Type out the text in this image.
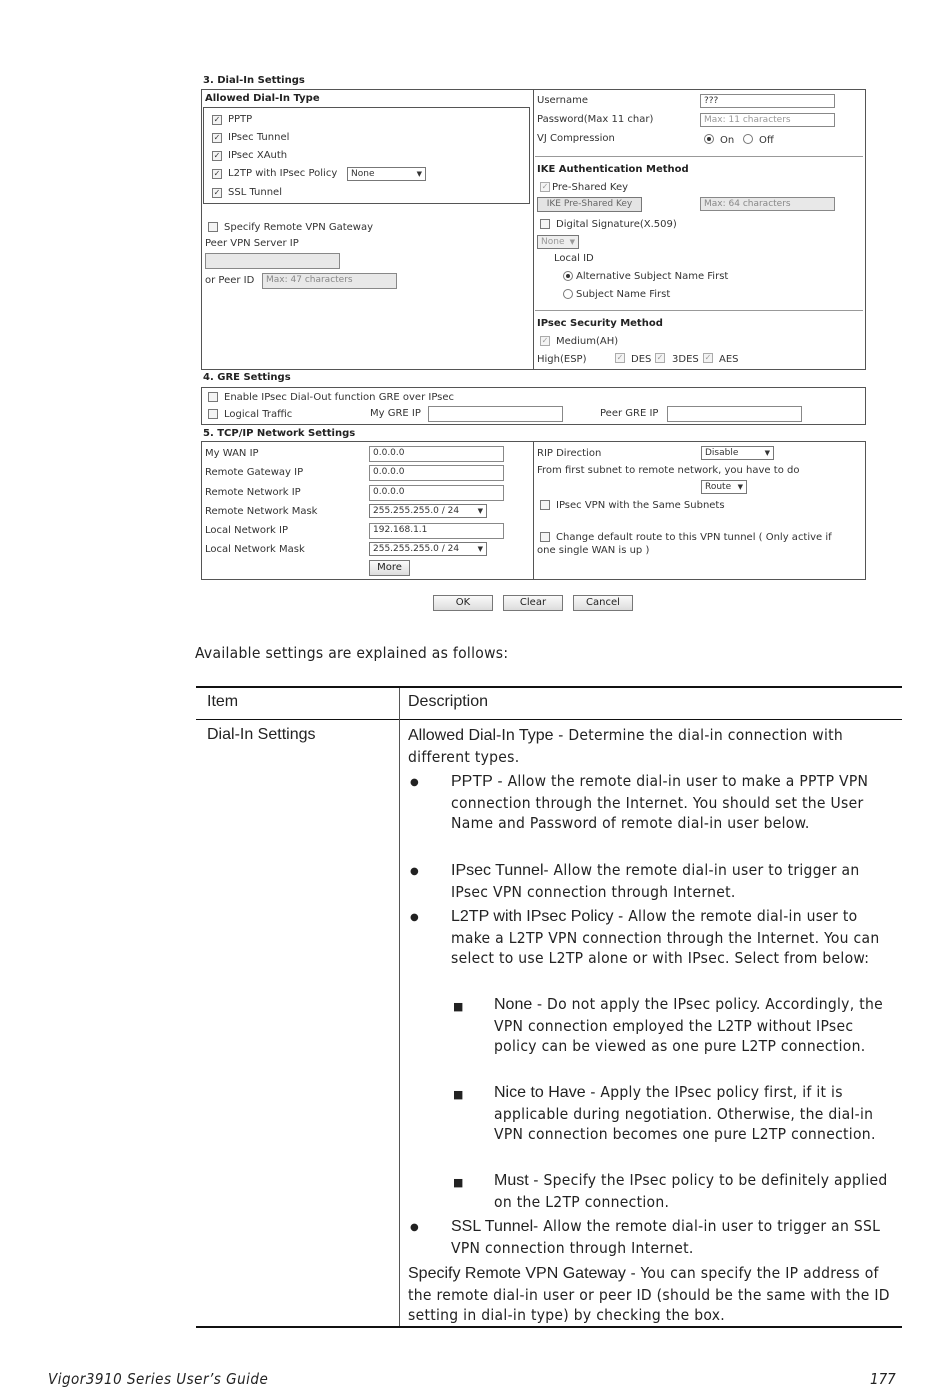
3. Dial-In Settings
Allowed Dial-In Type
✓ PPTP
✓ IPsec Tunnel
✓ IPsec XAuth
✓ L2TP with IPsec Policy	None	▼
✓ SSL Tunnel
Specify Remote VPN Gateway
Peer VPN Server IP
or Peer ID	Max: 47 characters
Username	???
Password(Max 11 char)	Max: 11 characters
VJ Compression	On Off
IKE Authentication Method
✓ Pre-Shared Key
IKE Pre-Shared Key	Max: 64 characters
Digital Signature(X.509)
None ▼
Local ID
Alternative Subject Name First
Subject Name First
IPsec Security Method
✓ Medium(AH)
High(ESP)	✓ DES ✓ 3DES ✓ AES
4. GRE Settings
Enable IPsec Dial-Out function GRE over IPsec
Logical Traffic	My GRE IP	Peer GRE IP
5. TCP/IP Network Settings
My WAN IP	0.0.0.0
Remote Gateway IP	0.0.0.0
Remote Network IP	0.0.0.0
Remote Network Mask	255.255.255.0 / 24	▼
Local Network IP	192.168.1.1
Local Network Mask	255.255.255.0 / 24	▼
More
RIP Direction	Disable	▼
From first subnet to remote network, you have to do
Route ▼
IPsec VPN with the Same Subnets
Change default route to this VPN tunnel ( Only active if
one single WAN is up )
OK	Clear	Cancel
Available settings are explained as follows:
Item	Description
Dial-In Settings	Allowed Dial-In Type - Determine the dial-in connection with different types.
● PPTP - Allow the remote dial-in user to make a PPTP VPN connection through the Internet. You should set the User Name and Password of remote dial-in user below.
● IPsec Tunnel- Allow the remote dial-in user to trigger an IPsec VPN connection through Internet.
● L2TP with IPsec Policy - Allow the remote dial-in user to make a L2TP VPN connection through the Internet. You can select to use L2TP alone or with IPsec. Select from below:
■ None - Do not apply the IPsec policy. Accordingly, the VPN connection employed the L2TP without IPsec policy can be viewed as one pure L2TP connection.
■ Nice to Have - Apply the IPsec policy first, if it is applicable during negotiation. Otherwise, the dial-in VPN connection becomes one pure L2TP connection.
■ Must - Specify the IPsec policy to be definitely applied on the L2TP connection.
● SSL Tunnel- Allow the remote dial-in user to trigger an SSL VPN connection through Internet.
Specify Remote VPN Gateway - You can specify the IP address of the remote dial-in user or peer ID (should be the same with the ID setting in dial-in type) by checking the box.
Vigor3910 Series User’s Guide	177
